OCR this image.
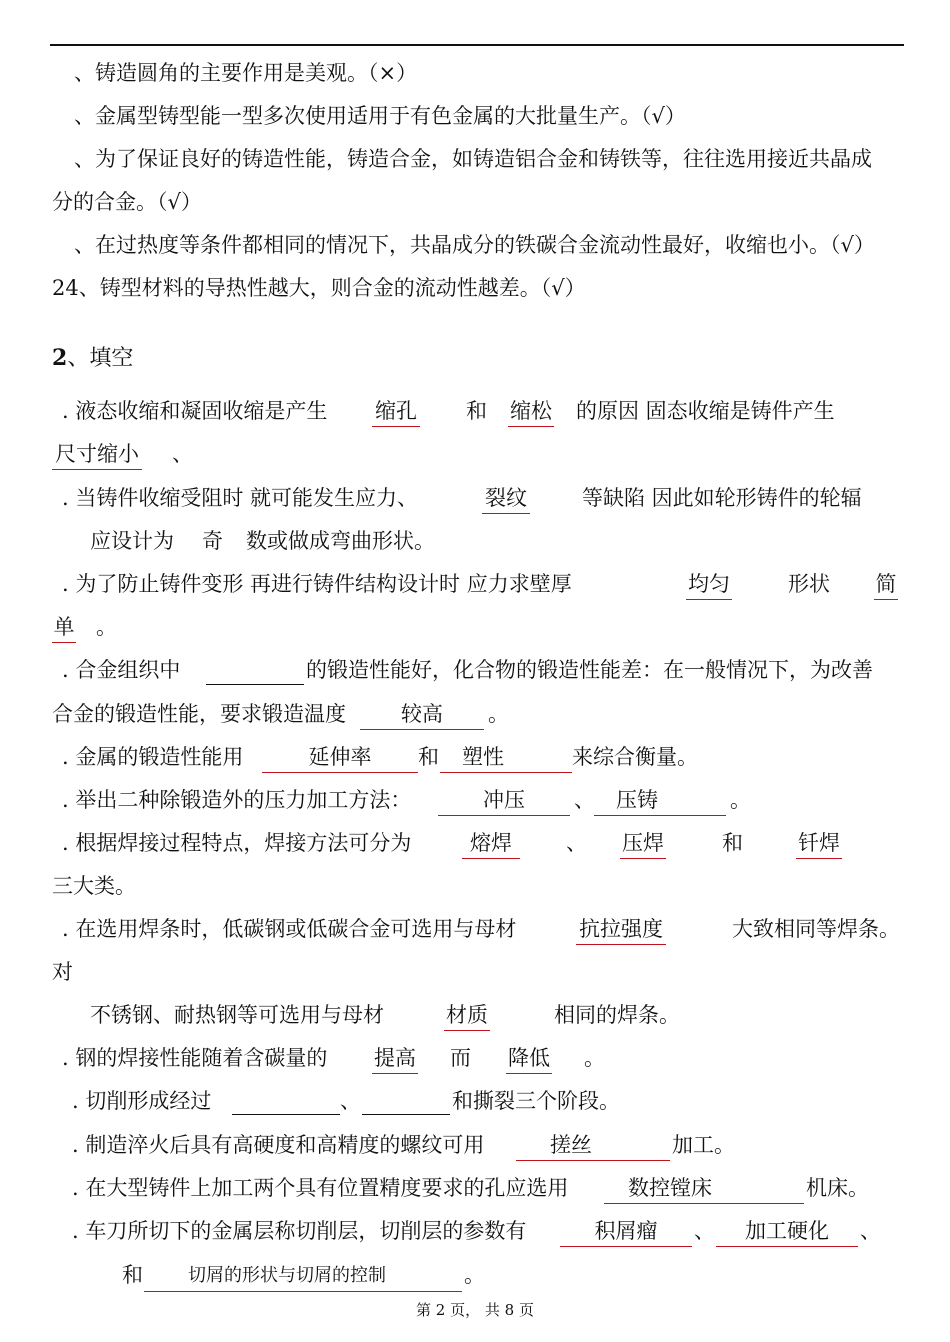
、铸造圆角的主要作用是美观。（×）
、金属型铸型能一型多次使用适用于有色金属的大批量生产。（√）
、为了保证良好的铸造性能，铸造合金，如铸造铝合金和铸铁等，往往选用接近共晶成
分的合金。（√）
、在过热度等条件都相同的情况下，共晶成分的铁碳合金流动性最好，收缩也小。（√）
24、铸型材料的导热性越大，则合金的流动性越差。（√）
2、填空
. 液态收缩和凝固收缩是产生 缩孔 和 缩松 的原因 固态收缩是铸件产生
尺寸缩小 、
. 当铸件收缩受阻时 就可能发生应力、	裂纹	等缺陷 因此如轮形铸件的轮辐
应设计为 奇 数或做成弯曲形状。
. 为了防止铸件变形 再进行铸件结构设计时 应力求壁厚	均匀	形状 简
单 。
. 合金组织中	的锻造性能好，化合物的锻造性能差：在一般情况下，为改善
合金的锻造性能，要求锻造温度	较高	。
. 金属的锻造性能用	延伸率	和	塑性	来综合衡量。
. 举出二种除锻造外的压力加工方法：	冲压	、	压铸	。
. 根据焊接过程特点，焊接方法可分为	熔焊	、 压焊	和	钎焊
三大类。
. 在选用焊条时，低碳钢或低碳合金可选用与母材	抗拉强度	大致相同等焊条。
对
不锈钢、耐热钢等可选用与母材	材质	相同的焊条。
. 钢的焊接性能随着含碳量的 提高 而 降低 。
. 切削形成经过	、	和撕裂三个阶段。
. 制造淬火后具有高硬度和高精度的螺纹可用	搓丝	加工。
. 在大型铸件上加工两个具有位置精度要求的孔应选用	数控镗床	机床。
. 车刀所切下的金属层称切削层，切削层的参数有	积屑瘤	、	加工硬化	、
和	切屑的形状与切屑的控制	。
第 2 页， 共 8 页
